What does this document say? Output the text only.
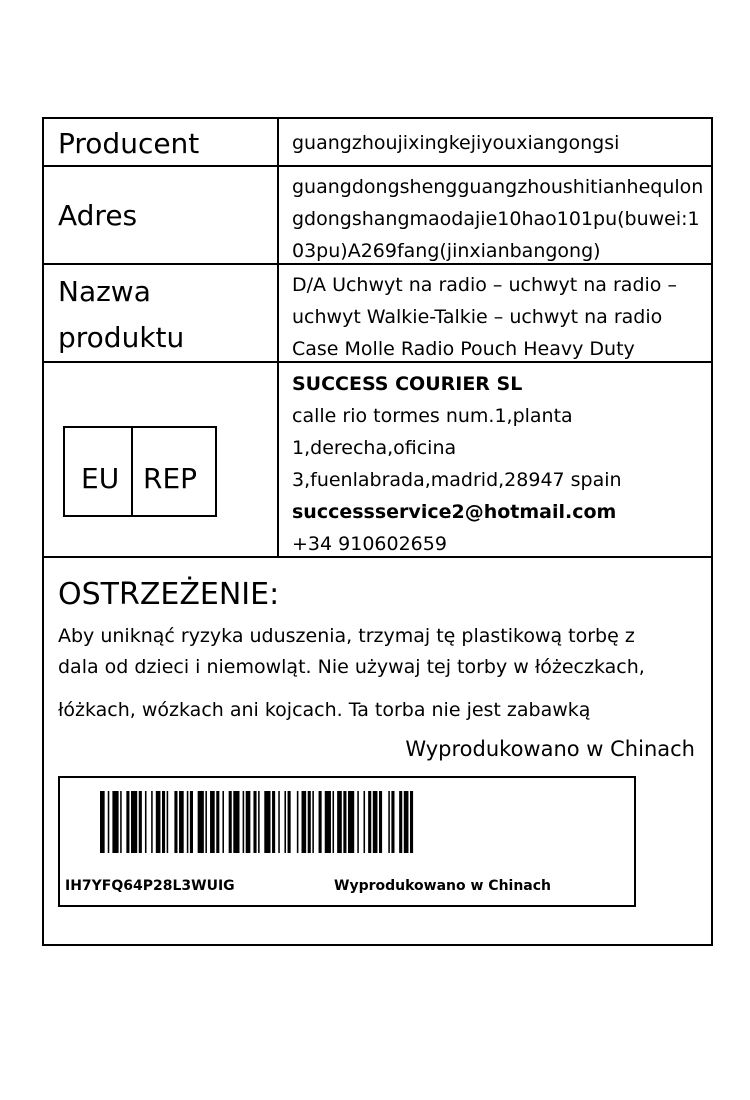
Producent	guangzhoujixingkejiyouxiangongsi
Adres
guangdongshengguangzhoushitianhequlongdongshangmaodajie10hao101pu(buwei:103pu)A269fang(jinxianbangong)
Nazwa
produktu
D/A Uchwyt na radio – uchwyt na radio – uchwyt Walkie-Talkie – uchwyt na radio Case Molle Radio Pouch Heavy Duty
EU REP
SUCCESS COURIER SL
calle rio tormes num.1,planta
1,derecha,oficina
3,fuenlabrada,madrid,28947 spain
successservice2@hotmail.com
+34 910602659
OSTRZEŻENIE:
Aby uniknąć ryzyka uduszenia, trzymaj tę plastikową torbę z
dala od dzieci i niemowląt. Nie używaj tej torby w łóżeczkach,
łóżkach, wózkach ani kojcach. Ta torba nie jest zabawką
Wyprodukowano w Chinach
IH7YFQ64P28L3WUIG	Wyprodukowano w Chinach
